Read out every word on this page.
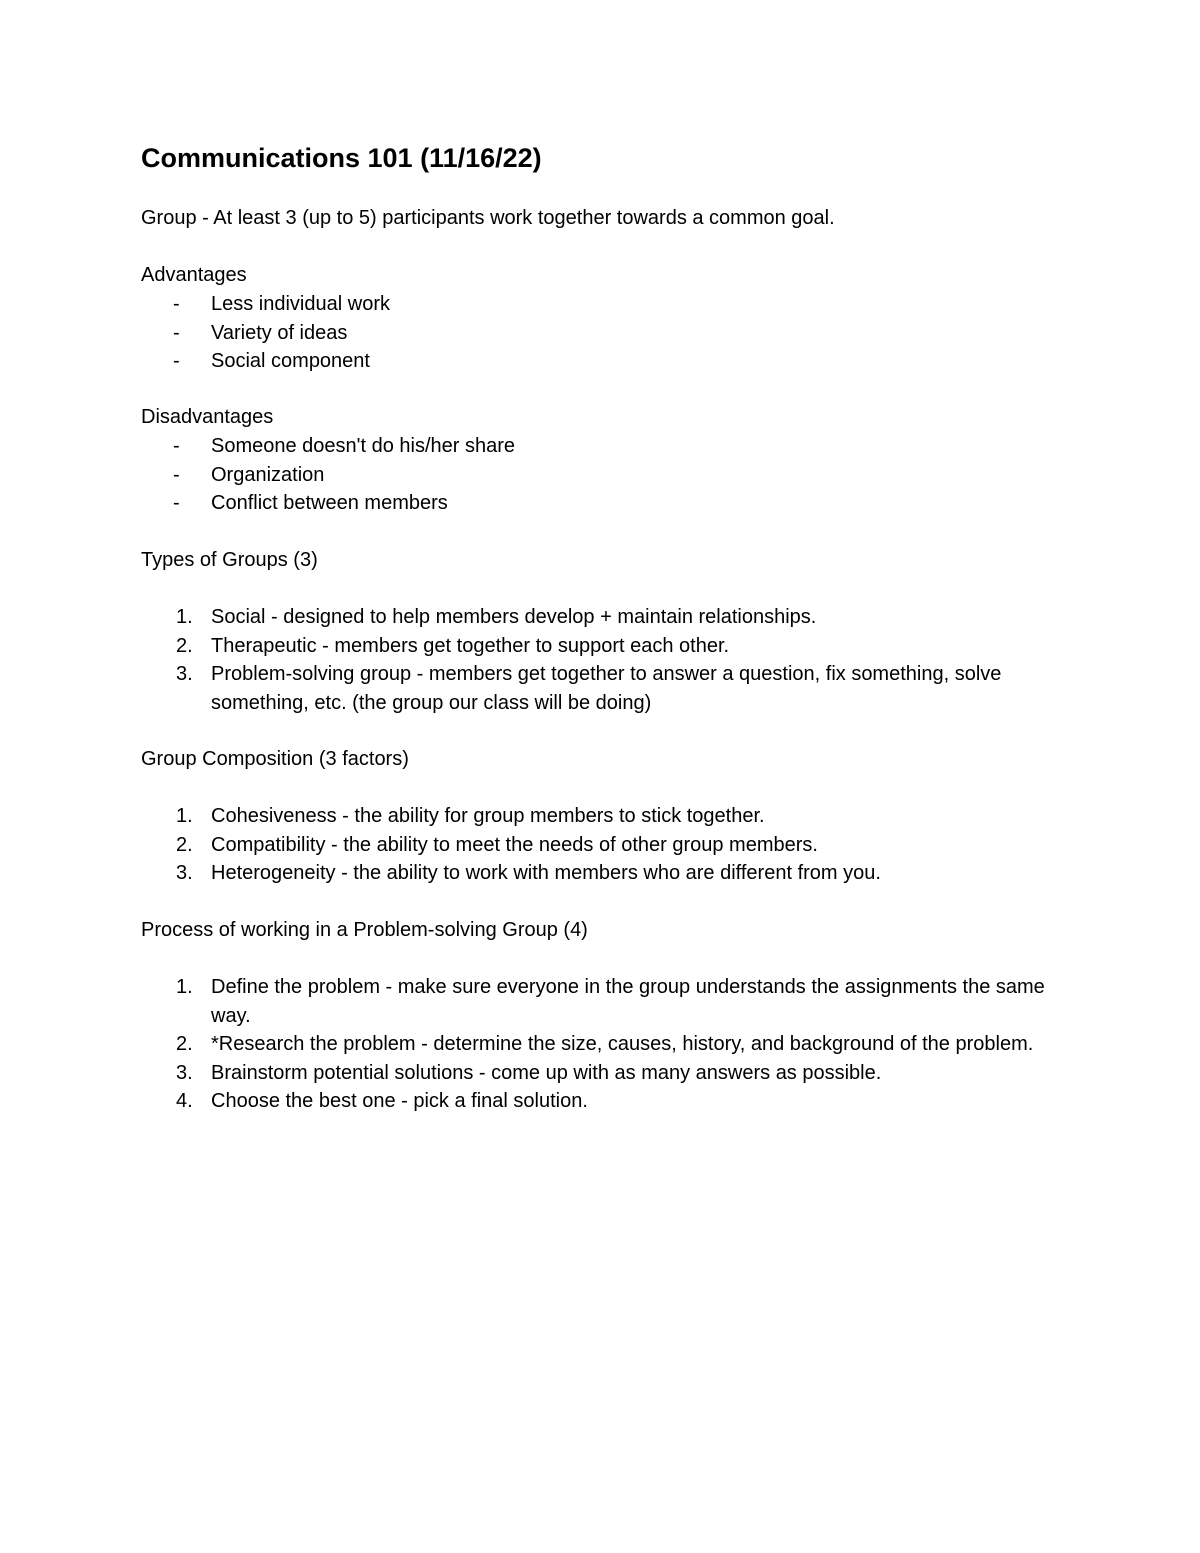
Communications 101 (11/16/22)
Group - At least 3 (up to 5) participants work together towards a common goal.
Advantages
-	Less individual work
-	Variety of ideas
-	Social component
Disadvantages
-	Someone doesn't do his/her share
-	Organization
-	Conflict between members
Types of Groups (3)
1. Social - designed to help members develop + maintain relationships.
2. Therapeutic - members get together to support each other.
3. Problem-solving group - members get together to answer a question, fix something, solve something, etc. (the group our class will be doing)
Group Composition (3 factors)
1. Cohesiveness - the ability for group members to stick together.
2. Compatibility - the ability to meet the needs of other group members.
3. Heterogeneity - the ability to work with members who are different from you.
Process of working in a Problem-solving Group (4)
1. Define the problem - make sure everyone in the group understands the assignments the same way.
2. *Research the problem - determine the size, causes, history, and background of the problem.
3. Brainstorm potential solutions - come up with as many answers as possible.
4. Choose the best one - pick a final solution.
